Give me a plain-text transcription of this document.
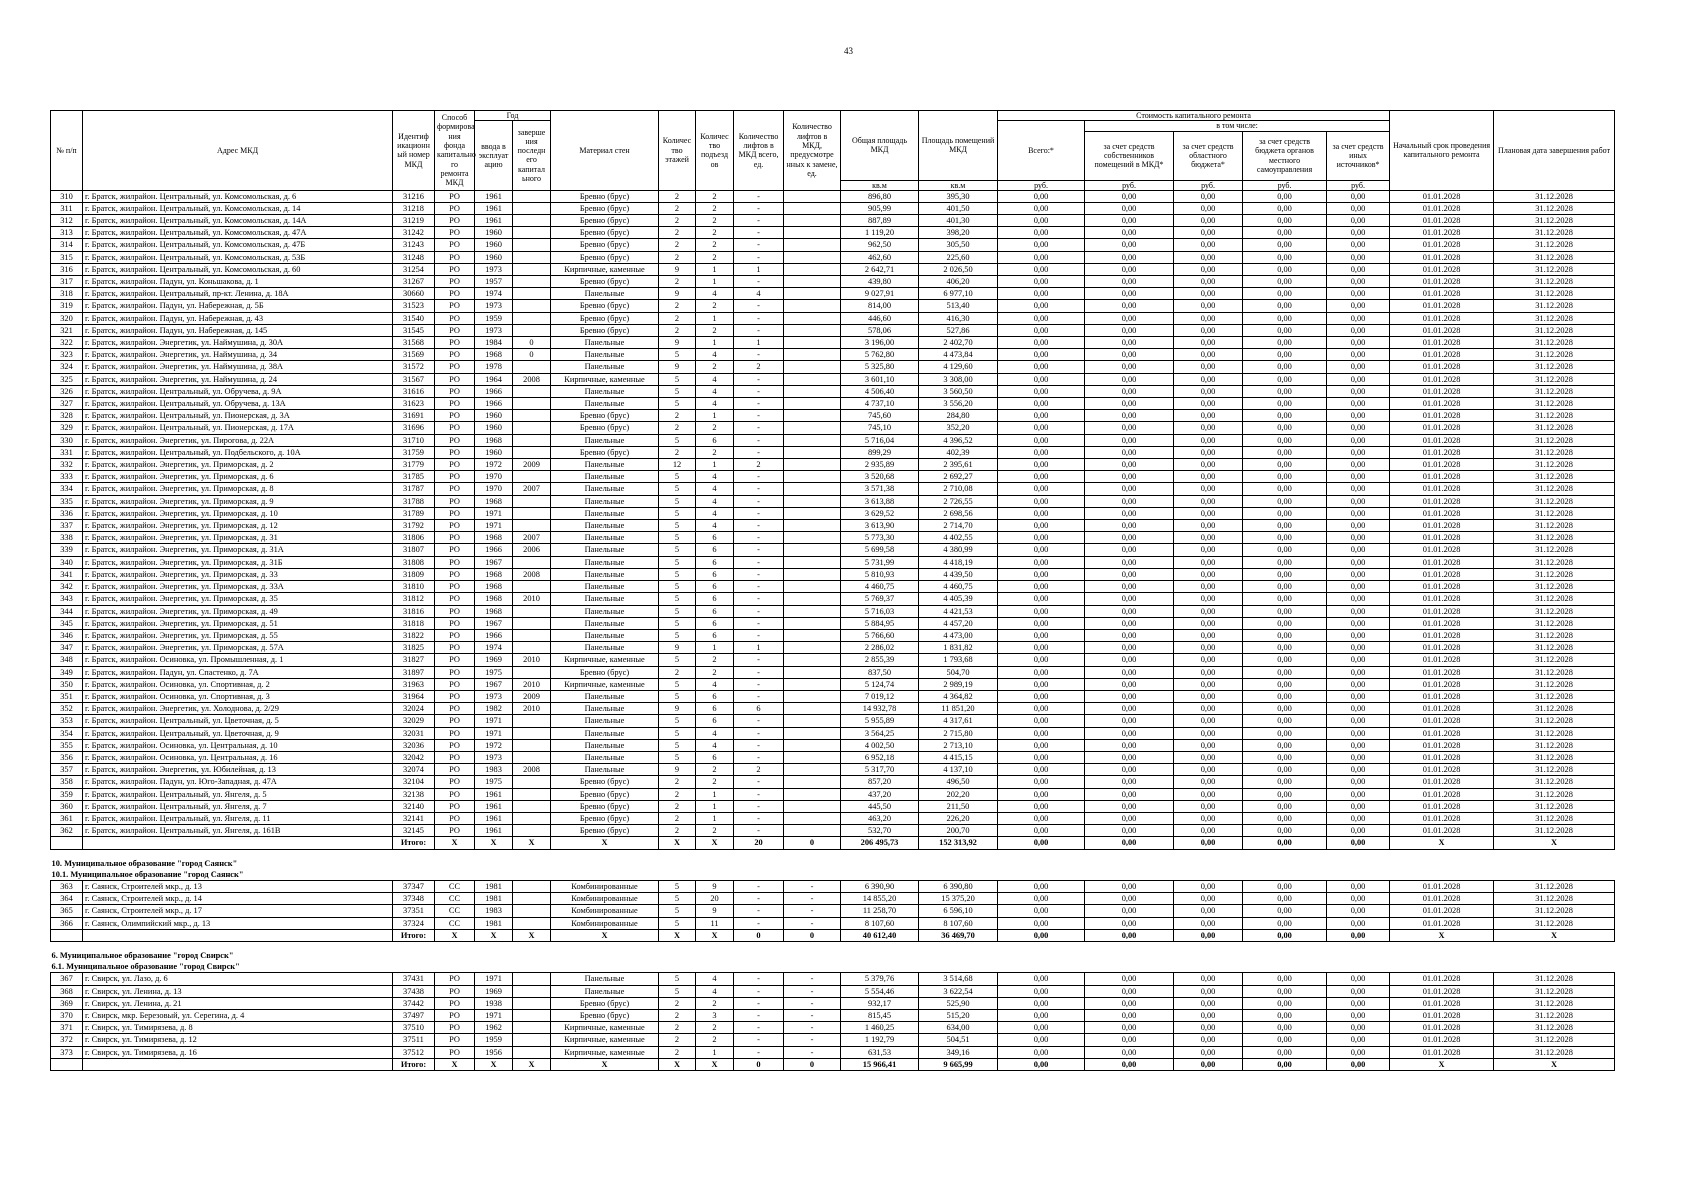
43
№ п/п	Адрес МКД	Идентиф икационн ый номер МКД	Способ формирова ния фонда капитально го ремонта МКД	Год		Материал стен	Количес тво этажей	Количес тво подъезд ов	Количество лифтов в МКД всего, ед.	Количество лифтов в МКД, предусмотре нных к замене, ед.	Общая площадь МКД	Площадь помещений МКД	Стоимость капитального ремонта					Начальный срок проведения капитального ремонта	Плановая дата завершения работ
				ввода в эксплуат ацию	заверше ния последн его капитал ьного								Всего:*	в том числе:					
														за счет средств собственников помещений в МКД*	за счет средств областного бюджета*	за счет средств бюджета органов местного самоуправления	за счет средств иных источников*		
											кв.м	кв.м	руб.	руб.	руб.	руб.	руб.		
310	г. Братск, жилрайон. Центральный, ул. Комсомольская, д. 6	31216	РО	1961		Бревно (брус)	2	2	-		896,80	395,30	0,00	0,00	0,00	0,00	0,00	01.01.2028	31.12.2028
311	г. Братск, жилрайон. Центральный, ул. Комсомольская, д. 14	31218	РО	1961		Бревно (брус)	2	2	-		905,99	401,50	0,00	0,00	0,00	0,00	0,00	01.01.2028	31.12.2028
312	г. Братск, жилрайон. Центральный, ул. Комсомольская, д. 14А	31219	РО	1961		Бревно (брус)	2	2	-		887,89	401,30	0,00	0,00	0,00	0,00	0,00	01.01.2028	31.12.2028
313	г. Братск, жилрайон. Центральный, ул. Комсомольская, д. 47А	31242	РО	1960		Бревно (брус)	2	2	-		1 119,20	398,20	0,00	0,00	0,00	0,00	0,00	01.01.2028	31.12.2028
314	г. Братск, жилрайон. Центральный, ул. Комсомольская, д. 47Б	31243	РО	1960		Бревно (брус)	2	2	-		962,50	305,50	0,00	0,00	0,00	0,00	0,00	01.01.2028	31.12.2028
315	г. Братск, жилрайон. Центральный, ул. Комсомольская, д. 53Б	31248	РО	1960		Бревно (брус)	2	2	-		462,60	225,60	0,00	0,00	0,00	0,00	0,00	01.01.2028	31.12.2028
316	г. Братск, жилрайон. Центральный, ул. Комсомольская, д. 60	31254	РО	1973		Кирпичные, каменные	9	1	1		2 642,71	2 026,50	0,00	0,00	0,00	0,00	0,00	01.01.2028	31.12.2028
317	г. Братск, жилрайон. Падун, ул. Коньшакова, д. 1	31267	РО	1957		Бревно (брус)	2	1	-		439,80	406,20	0,00	0,00	0,00	0,00	0,00	01.01.2028	31.12.2028
318	г. Братск, жилрайон. Центральный, пр-кт. Ленина, д. 18А	30660	РО	1974		Панельные	9	4	4		9 027,91	6 977,10	0,00	0,00	0,00	0,00	0,00	01.01.2028	31.12.2028
319	г. Братск, жилрайон. Падун, ул. Набережная, д. 5Б	31523	РО	1973		Бревно (брус)	2	2	-		814,00	513,40	0,00	0,00	0,00	0,00	0,00	01.01.2028	31.12.2028
320	г. Братск, жилрайон. Падун, ул. Набережная, д. 43	31540	РО	1959		Бревно (брус)	2	1	-		446,60	416,30	0,00	0,00	0,00	0,00	0,00	01.01.2028	31.12.2028
321	г. Братск, жилрайон. Падун, ул. Набережная, д. 145	31545	РО	1973		Бревно (брус)	2	2	-		578,06	527,86	0,00	0,00	0,00	0,00	0,00	01.01.2028	31.12.2028
322	г. Братск, жилрайон. Энергетик, ул. Наймушина, д. 30А	31568	РО	1984	0	Панельные	9	1	1		3 196,00	2 402,70	0,00	0,00	0,00	0,00	0,00	01.01.2028	31.12.2028
323	г. Братск, жилрайон. Энергетик, ул. Наймушина, д. 34	31569	РО	1968	0	Панельные	5	4	-		5 762,80	4 473,84	0,00	0,00	0,00	0,00	0,00	01.01.2028	31.12.2028
324	г. Братск, жилрайон. Энергетик, ул. Наймушина, д. 38А	31572	РО	1978		Панельные	9	2	2		5 325,80	4 129,60	0,00	0,00	0,00	0,00	0,00	01.01.2028	31.12.2028
325	г. Братск, жилрайон. Энергетик, ул. Наймушина, д. 24	31567	РО	1964	2008	Кирпичные, каменные	5	4	-		3 601,10	3 308,00	0,00	0,00	0,00	0,00	0,00	01.01.2028	31.12.2028
326	г. Братск, жилрайон. Центральный, ул. Обручева, д. 9А	31616	РО	1966		Панельные	5	4	-		4 506,40	3 560,50	0,00	0,00	0,00	0,00	0,00	01.01.2028	31.12.2028
327	г. Братск, жилрайон. Центральный, ул. Обручева, д. 13А	31623	РО	1966		Панельные	5	4	-		4 737,10	3 556,20	0,00	0,00	0,00	0,00	0,00	01.01.2028	31.12.2028
328	г. Братск, жилрайон. Центральный, ул. Пионерская, д. 3А	31691	РО	1960		Бревно (брус)	2	1	-		745,60	284,80	0,00	0,00	0,00	0,00	0,00	01.01.2028	31.12.2028
329	г. Братск, жилрайон. Центральный, ул. Пионерская, д. 17А	31696	РО	1960		Бревно (брус)	2	2	-		745,10	352,20	0,00	0,00	0,00	0,00	0,00	01.01.2028	31.12.2028
330	г. Братск, жилрайон. Энергетик, ул. Пирогова, д. 22А	31710	РО	1968		Панельные	5	6	-		5 716,04	4 396,52	0,00	0,00	0,00	0,00	0,00	01.01.2028	31.12.2028
331	г. Братск, жилрайон. Центральный, ул. Подбельского, д. 10А	31759	РО	1960		Бревно (брус)	2	2	-		899,29	402,39	0,00	0,00	0,00	0,00	0,00	01.01.2028	31.12.2028
332	г. Братск, жилрайон. Энергетик, ул. Приморская, д. 2	31779	РО	1972	2009	Панельные	12	1	2		2 935,89	2 395,61	0,00	0,00	0,00	0,00	0,00	01.01.2028	31.12.2028
333	г. Братск, жилрайон. Энергетик, ул. Приморская, д. 6	31785	РО	1970		Панельные	5	4	-		3 520,68	2 692,27	0,00	0,00	0,00	0,00	0,00	01.01.2028	31.12.2028
334	г. Братск, жилрайон. Энергетик, ул. Приморская, д. 8	31787	РО	1970	2007	Панельные	5	4	-		3 571,38	2 710,08	0,00	0,00	0,00	0,00	0,00	01.01.2028	31.12.2028
335	г. Братск, жилрайон. Энергетик, ул. Приморская, д. 9	31788	РО	1968		Панельные	5	4	-		3 613,88	2 726,55	0,00	0,00	0,00	0,00	0,00	01.01.2028	31.12.2028
336	г. Братск, жилрайон. Энергетик, ул. Приморская, д. 10	31789	РО	1971		Панельные	5	4	-		3 629,52	2 698,56	0,00	0,00	0,00	0,00	0,00	01.01.2028	31.12.2028
337	г. Братск, жилрайон. Энергетик, ул. Приморская, д. 12	31792	РО	1971		Панельные	5	4	-		3 613,90	2 714,70	0,00	0,00	0,00	0,00	0,00	01.01.2028	31.12.2028
338	г. Братск, жилрайон. Энергетик, ул. Приморская, д. 31	31806	РО	1968	2007	Панельные	5	6	-		5 773,30	4 402,55	0,00	0,00	0,00	0,00	0,00	01.01.2028	31.12.2028
339	г. Братск, жилрайон. Энергетик, ул. Приморская, д. 31А	31807	РО	1966	2006	Панельные	5	6	-		5 699,58	4 380,99	0,00	0,00	0,00	0,00	0,00	01.01.2028	31.12.2028
340	г. Братск, жилрайон. Энергетик, ул. Приморская, д. 31Б	31808	РО	1967		Панельные	5	6	-		5 731,99	4 418,19	0,00	0,00	0,00	0,00	0,00	01.01.2028	31.12.2028
341	г. Братск, жилрайон. Энергетик, ул. Приморская, д. 33	31809	РО	1968	2008	Панельные	5	6	-		5 810,93	4 439,50	0,00	0,00	0,00	0,00	0,00	01.01.2028	31.12.2028
342	г. Братск, жилрайон. Энергетик, ул. Приморская, д. 33А	31810	РО	1968		Панельные	5	6	-		4 460,75	4 460,75	0,00	0,00	0,00	0,00	0,00	01.01.2028	31.12.2028
343	г. Братск, жилрайон. Энергетик, ул. Приморская, д. 35	31812	РО	1968	2010	Панельные	5	6	-		5 769,37	4 405,39	0,00	0,00	0,00	0,00	0,00	01.01.2028	31.12.2028
344	г. Братск, жилрайон. Энергетик, ул. Приморская, д. 49	31816	РО	1968		Панельные	5	6	-		5 716,03	4 421,53	0,00	0,00	0,00	0,00	0,00	01.01.2028	31.12.2028
345	г. Братск, жилрайон. Энергетик, ул. Приморская, д. 51	31818	РО	1967		Панельные	5	6	-		5 884,95	4 457,20	0,00	0,00	0,00	0,00	0,00	01.01.2028	31.12.2028
346	г. Братск, жилрайон. Энергетик, ул. Приморская, д. 55	31822	РО	1966		Панельные	5	6	-		5 766,60	4 473,00	0,00	0,00	0,00	0,00	0,00	01.01.2028	31.12.2028
347	г. Братск, жилрайон. Энергетик, ул. Приморская, д. 57А	31825	РО	1974		Панельные	9	1	1		2 286,02	1 831,82	0,00	0,00	0,00	0,00	0,00	01.01.2028	31.12.2028
348	г. Братск, жилрайон. Осиновка, ул. Промышленная, д. 1	31827	РО	1969	2010	Кирпичные, каменные	5	2	-		2 855,39	1 793,68	0,00	0,00	0,00	0,00	0,00	01.01.2028	31.12.2028
349	г. Братск, жилрайон. Падун, ул. Спастенко, д. 7А	31897	РО	1975		Бревно (брус)	2	2	-		837,50	504,70	0,00	0,00	0,00	0,00	0,00	01.01.2028	31.12.2028
350	г. Братск, жилрайон. Осиновка, ул. Спортивная, д. 2	31963	РО	1967	2010	Кирпичные, каменные	5	4	-		5 124,74	2 989,19	0,00	0,00	0,00	0,00	0,00	01.01.2028	31.12.2028
351	г. Братск, жилрайон. Осиновка, ул. Спортивная, д. 3	31964	РО	1973	2009	Панельные	5	6	-		7 019,12	4 364,82	0,00	0,00	0,00	0,00	0,00	01.01.2028	31.12.2028
352	г. Братск, жилрайон. Энергетик, ул. Холоднова, д. 2/29	32024	РО	1982	2010	Панельные	9	6	6		14 932,78	11 851,20	0,00	0,00	0,00	0,00	0,00	01.01.2028	31.12.2028
353	г. Братск, жилрайон. Центральный, ул. Цветочная, д. 5	32029	РО	1971		Панельные	5	6	-		5 955,89	4 317,61	0,00	0,00	0,00	0,00	0,00	01.01.2028	31.12.2028
354	г. Братск, жилрайон. Центральный, ул. Цветочная, д. 9	32031	РО	1971		Панельные	5	4	-		3 564,25	2 715,80	0,00	0,00	0,00	0,00	0,00	01.01.2028	31.12.2028
355	г. Братск, жилрайон. Осиновка, ул. Центральная, д. 10	32036	РО	1972		Панельные	5	4	-		4 002,50	2 713,10	0,00	0,00	0,00	0,00	0,00	01.01.2028	31.12.2028
356	г. Братск, жилрайон. Осиновка, ул. Центральная, д. 16	32042	РО	1973		Панельные	5	6	-		6 952,18	4 415,15	0,00	0,00	0,00	0,00	0,00	01.01.2028	31.12.2028
357	г. Братск, жилрайон. Энергетик, ул. Юбилейная, д. 13	32074	РО	1983	2008	Панельные	9	2	2		5 317,70	4 137,10	0,00	0,00	0,00	0,00	0,00	01.01.2028	31.12.2028
358	г. Братск, жилрайон. Падун, ул. Юго-Западная, д. 47А	32104	РО	1975		Бревно (брус)	2	2	-		857,20	496,50	0,00	0,00	0,00	0,00	0,00	01.01.2028	31.12.2028
359	г. Братск, жилрайон. Центральный, ул. Янгеля, д. 5	32138	РО	1961		Бревно (брус)	2	1	-		437,20	202,20	0,00	0,00	0,00	0,00	0,00	01.01.2028	31.12.2028
360	г. Братск, жилрайон. Центральный, ул. Янгеля, д. 7	32140	РО	1961		Бревно (брус)	2	1	-		445,50	211,50	0,00	0,00	0,00	0,00	0,00	01.01.2028	31.12.2028
361	г. Братск, жилрайон. Центральный, ул. Янгеля, д. 11	32141	РО	1961		Бревно (брус)	2	1	-		463,20	226,20	0,00	0,00	0,00	0,00	0,00	01.01.2028	31.12.2028
362	г. Братск, жилрайон. Центральный, ул. Янгеля, д. 161В	32145	РО	1961		Бревно (брус)	2	2	-		532,70	200,70	0,00	0,00	0,00	0,00	0,00	01.01.2028	31.12.2028
		Итого:	X	X	X	X	X	X	20	0	206 495,73	152 313,92	0,00	0,00	0,00	0,00	0,00	X	X

10. Муниципальное образование "город Саянск"																			
10.1. Муниципальное образование "город Саянск"																			
363	г. Саянск, Строителей мкр., д. 13	37347	СС	1981		Комбинированные	5	9	-	-	6 390,90	6 390,80	0,00	0,00	0,00	0,00	0,00	01.01.2028	31.12.2028
364	г. Саянск, Строителей мкр., д. 14	37348	СС	1981		Комбинированные	5	20	-	-	14 855,20	15 375,20	0,00	0,00	0,00	0,00	0,00	01.01.2028	31.12.2028
365	г. Саянск, Строителей мкр., д. 17	37351	СС	1983		Комбинированные	5	9	-	-	11 258,70	6 596,10	0,00	0,00	0,00	0,00	0,00	01.01.2028	31.12.2028
366	г. Саянск, Олимпийский мкр., д. 13	37324	СС	1981		Комбинированные	5	11	-	-	8 107,60	8 107,60	0,00	0,00	0,00	0,00	0,00	01.01.2028	31.12.2028
		Итого:	X	X	X	X	X	X	0	0	40 612,40	36 469,70	0,00	0,00	0,00	0,00	0,00	X	X

6. Муниципальное образование "город Свирск"																			
6.1. Муниципальное образование "город Свирск"																			
367	г. Свирск, ул. Лазо, д. 6	37431	РО	1971		Панельные	5	4	-	-	5 379,76	3 514,68	0,00	0,00	0,00	0,00	0,00	01.01.2028	31.12.2028
368	г. Свирск, ул. Ленина, д. 13	37438	РО	1969		Панельные	5	4	-	-	5 554,46	3 622,54	0,00	0,00	0,00	0,00	0,00	01.01.2028	31.12.2028
369	г. Свирск, ул. Ленина, д. 21	37442	РО	1938		Бревно (брус)	2	2	-	-	932,17	525,90	0,00	0,00	0,00	0,00	0,00	01.01.2028	31.12.2028
370	г. Свирск, мкр. Березовый, ул. Серегина, д. 4	37497	РО	1971		Бревно (брус)	2	3	-	-	815,45	515,20	0,00	0,00	0,00	0,00	0,00	01.01.2028	31.12.2028
371	г. Свирск, ул. Тимирязева, д. 8	37510	РО	1962		Кирпичные, каменные	2	2	-	-	1 460,25	634,00	0,00	0,00	0,00	0,00	0,00	01.01.2028	31.12.2028
372	г. Свирск, ул. Тимирязева, д. 12	37511	РО	1959		Кирпичные, каменные	2	2	-	-	1 192,79	504,51	0,00	0,00	0,00	0,00	0,00	01.01.2028	31.12.2028
373	г. Свирск, ул. Тимирязева, д. 16	37512	РО	1956		Кирпичные, каменные	2	1	-	-	631,53	349,16	0,00	0,00	0,00	0,00	0,00	01.01.2028	31.12.2028
		Итого:	X	X	X	X	X	X	0	0	15 966,41	9 665,99	0,00	0,00	0,00	0,00	0,00	X	X
